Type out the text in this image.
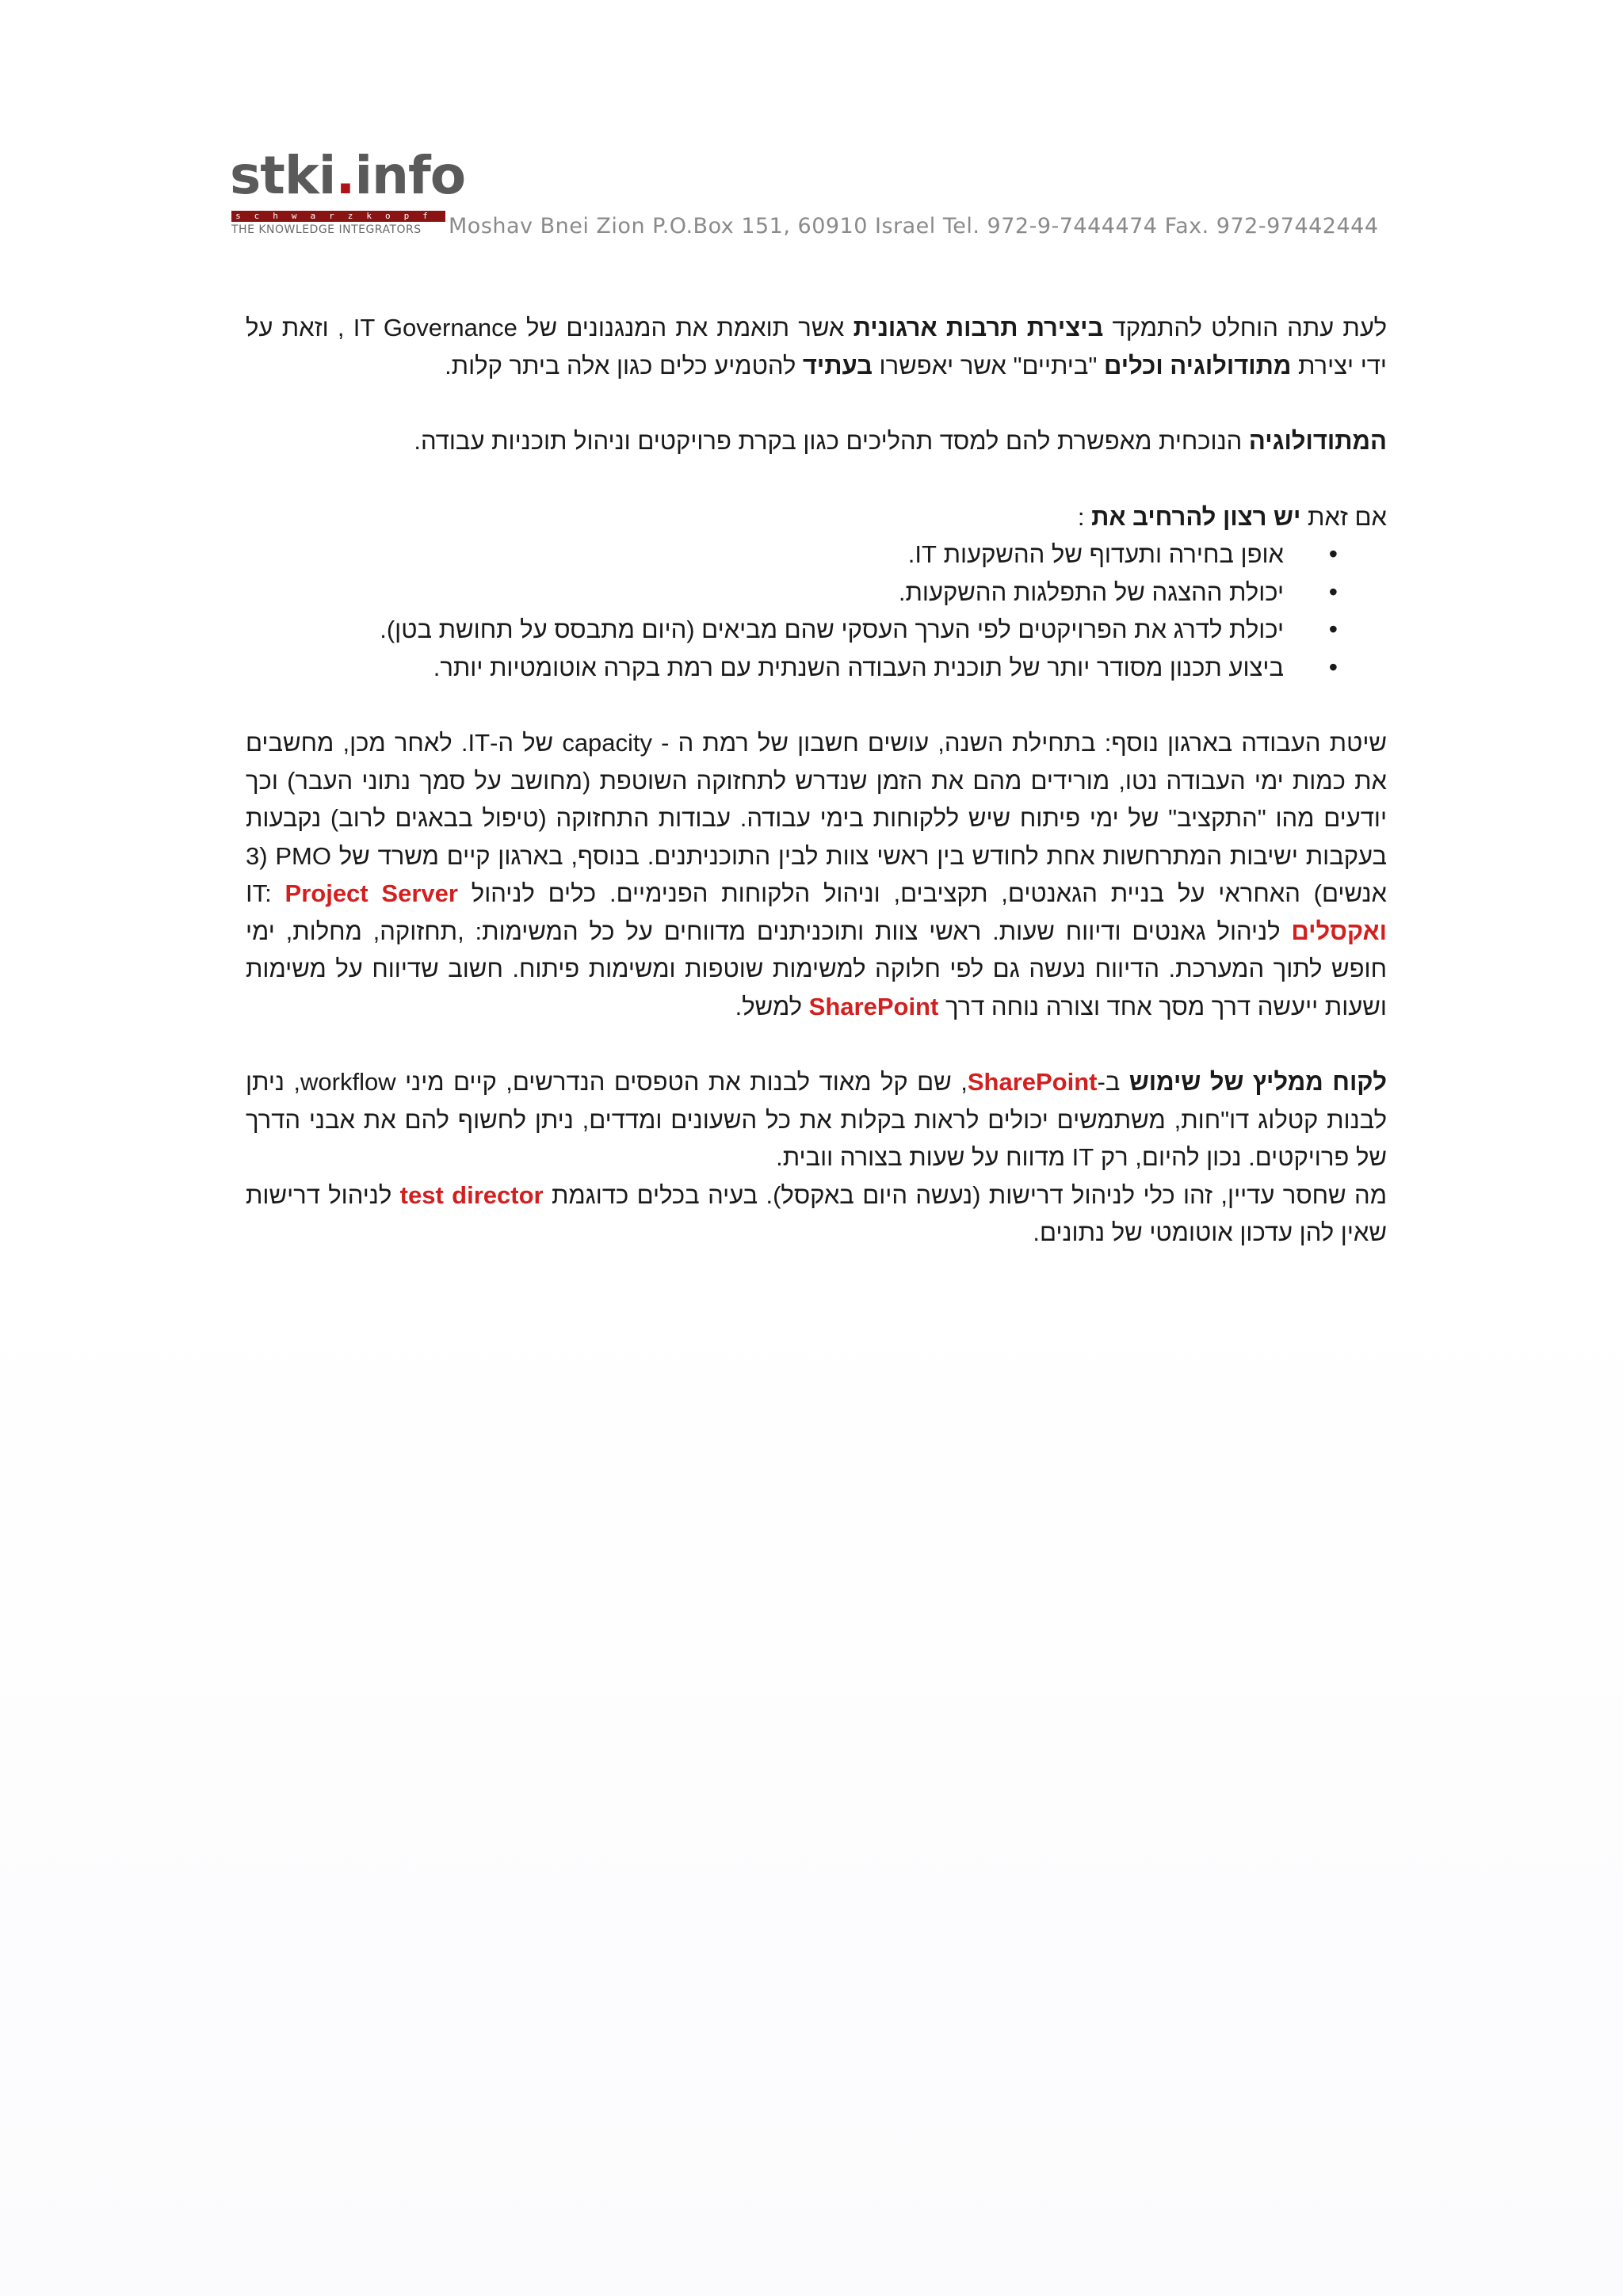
stki.info
schwarzkopf
THE KNOWLEDGE INTEGRATORS Moshav Bnei Zion P.O.Box 151, 60910 Israel Tel. 972-9-7444474 Fax. 972-97442444

לעת עתה הוחלט להתמקד ביצירת תרבות ארגונית אשר תואמת את המנגנונים של IT Governance , וזאת על ידי יצירת מתודולוגיה וכלים "ביתיים" אשר יאפשרו בעתיד להטמיע כלים כגון אלה ביתר קלות.

המתודולוגיה הנוכחית מאפשרת להם למסד תהליכים כגון בקרת פרויקטים וניהול תוכניות עבודה.

אם זאת יש רצון להרחיב את :

• אופן בחירה ותעדוף של ההשקעות IT.
• יכולת ההצגה של התפלגות ההשקעות.
• יכולת לדרג את הפרויקטים לפי הערך העסקי שהם מביאים (היום מתבסס על תחושת בטן).
• ביצוע תכנון מסודר יותר של תוכנית העבודה השנתית עם רמת בקרה אוטומטיות יותר.

שיטת העבודה בארגון נוסף: בתחילת השנה, עושים חשבון של רמת ה - capacity של ה-IT. לאחר מכן, מחשבים את כמות ימי העבודה נטו, מורידים מהם את הזמן שנדרש לתחזוקה השוטפת (מחושב על סמך נתוני העבר) וכך יודעים מהו "התקציב" של ימי פיתוח שיש ללקוחות בימי עבודה. עבודות התחזוקה (טיפול בבאגים לרוב) נקבעות בעקבות ישיבות המתרחשות אחת לחודש בין ראשי צוות לבין התוכניתנים. בנוסף, בארגון קיים משרד של PMO (3 אנשים) האחראי על בניית הגאנטים, תקציבים, וניהול הלקוחות הפנימיים. כלים לניהול IT: Project Server ואקסלים לניהול גאנטים ודיווח שעות. ראשי צוות ותוכניתנים מדווחים על כל המשימות: ,תחזוקה, מחלות, ימי חופש לתוך המערכת. הדיווח נעשה גם לפי חלוקה למשימות שוטפות ומשימות פיתוח. חשוב שדיווח על משימות ושעות ייעשה דרך מסך אחד וצורה נוחה דרך SharePoint למשל.

לקוח ממליץ של שימוש ב-SharePoint, שם קל מאוד לבנות את הטפסים הנדרשים, קיים מיני workflow, ניתן לבנות קטלוג דו"חות, משתמשים יכולים לראות בקלות את כל השעונים ומדדים, ניתן לחשוף להם את אבני הדרך של פרויקטים. נכון להיום, רק IT מדווח על שעות בצורה וובית.

מה שחסר עדיין, זהו כלי לניהול דרישות (נעשה היום באקסל). בעיה בכלים כדוגמת test director לניהול דרישות שאין להן עדכון אוטומטי של נתונים.
